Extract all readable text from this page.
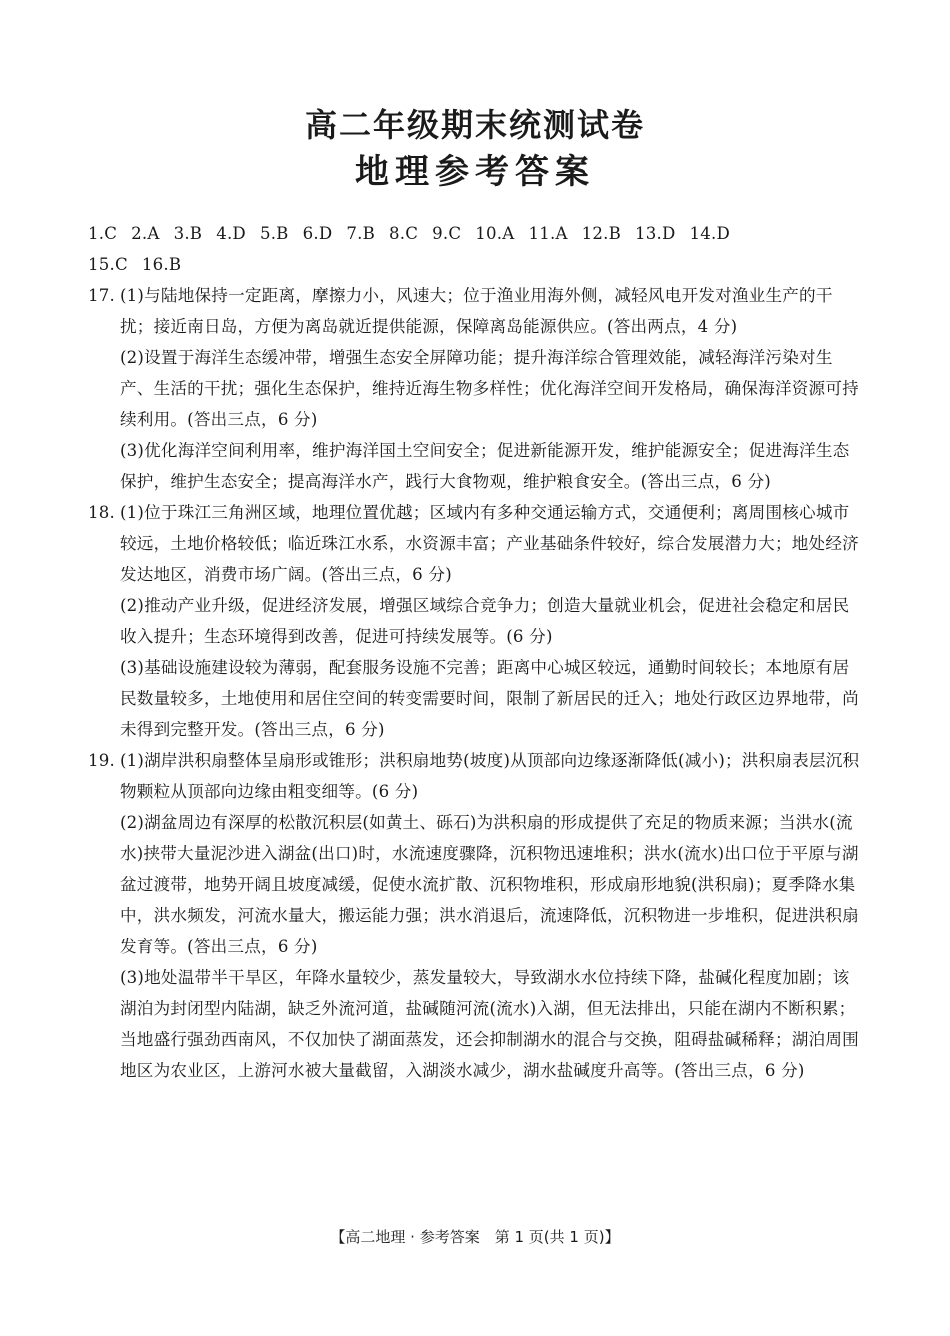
高二年级期末统测试卷
地理参考答案

1.C 2.A 3.B 4.D 5.B 6.D 7.B 8.C 9.C 10.A 11.A 12.B 13.D 14.D
15.C 16.B

17. (1)与陆地保持一定距离，摩擦力小，风速大；位于渔业用海外侧，减轻风电开发对渔业生产的干扰；接近南日岛，方便为离岛就近提供能源，保障离岛能源供应。(答出两点，4 分)

(2)设置于海洋生态缓冲带，增强生态安全屏障功能；提升海洋综合管理效能，减轻海洋污染对生产、生活的干扰；强化生态保护，维持近海生物多样性；优化海洋空间开发格局，确保海洋资源可持续利用。(答出三点，6 分)

(3)优化海洋空间利用率，维护海洋国土空间安全；促进新能源开发，维护能源安全；促进海洋生态保护，维护生态安全；提高海洋水产，践行大食物观，维护粮食安全。(答出三点，6 分)

18. (1)位于珠江三角洲区域，地理位置优越；区域内有多种交通运输方式，交通便利；离周围核心城市较远，土地价格较低；临近珠江水系，水资源丰富；产业基础条件较好，综合发展潜力大；地处经济发达地区，消费市场广阔。(答出三点，6 分)

(2)推动产业升级，促进经济发展，增强区域综合竞争力；创造大量就业机会，促进社会稳定和居民收入提升；生态环境得到改善，促进可持续发展等。(6 分)

(3)基础设施建设较为薄弱，配套服务设施不完善；距离中心城区较远，通勤时间较长；本地原有居民数量较多，土地使用和居住空间的转变需要时间，限制了新居民的迁入；地处行政区边界地带，尚未得到完整开发。(答出三点，6 分)

19. (1)湖岸洪积扇整体呈扇形或锥形；洪积扇地势(坡度)从顶部向边缘逐渐降低(减小)；洪积扇表层沉积物颗粒从顶部向边缘由粗变细等。(6 分)

(2)湖盆周边有深厚的松散沉积层(如黄土、砾石)为洪积扇的形成提供了充足的物质来源；当洪水(流水)挟带大量泥沙进入湖盆(出口)时，水流速度骤降，沉积物迅速堆积；洪水(流水)出口位于平原与湖盆过渡带，地势开阔且坡度减缓，促使水流扩散、沉积物堆积，形成扇形地貌(洪积扇)；夏季降水集中，洪水频发，河流水量大，搬运能力强；洪水消退后，流速降低，沉积物进一步堆积，促进洪积扇发育等。(答出三点，6 分)

(3)地处温带半干旱区，年降水量较少，蒸发量较大，导致湖水水位持续下降，盐碱化程度加剧；该湖泊为封闭型内陆湖，缺乏外流河道，盐碱随河流(流水)入湖，但无法排出，只能在湖内不断积累；当地盛行强劲西南风，不仅加快了湖面蒸发，还会抑制湖水的混合与交换，阻碍盐碱稀释；湖泊周围地区为农业区，上游河水被大量截留，入湖淡水减少，湖水盐碱度升高等。(答出三点，6 分)

【高二地理 · 参考答案　第 1 页(共 1 页)】
